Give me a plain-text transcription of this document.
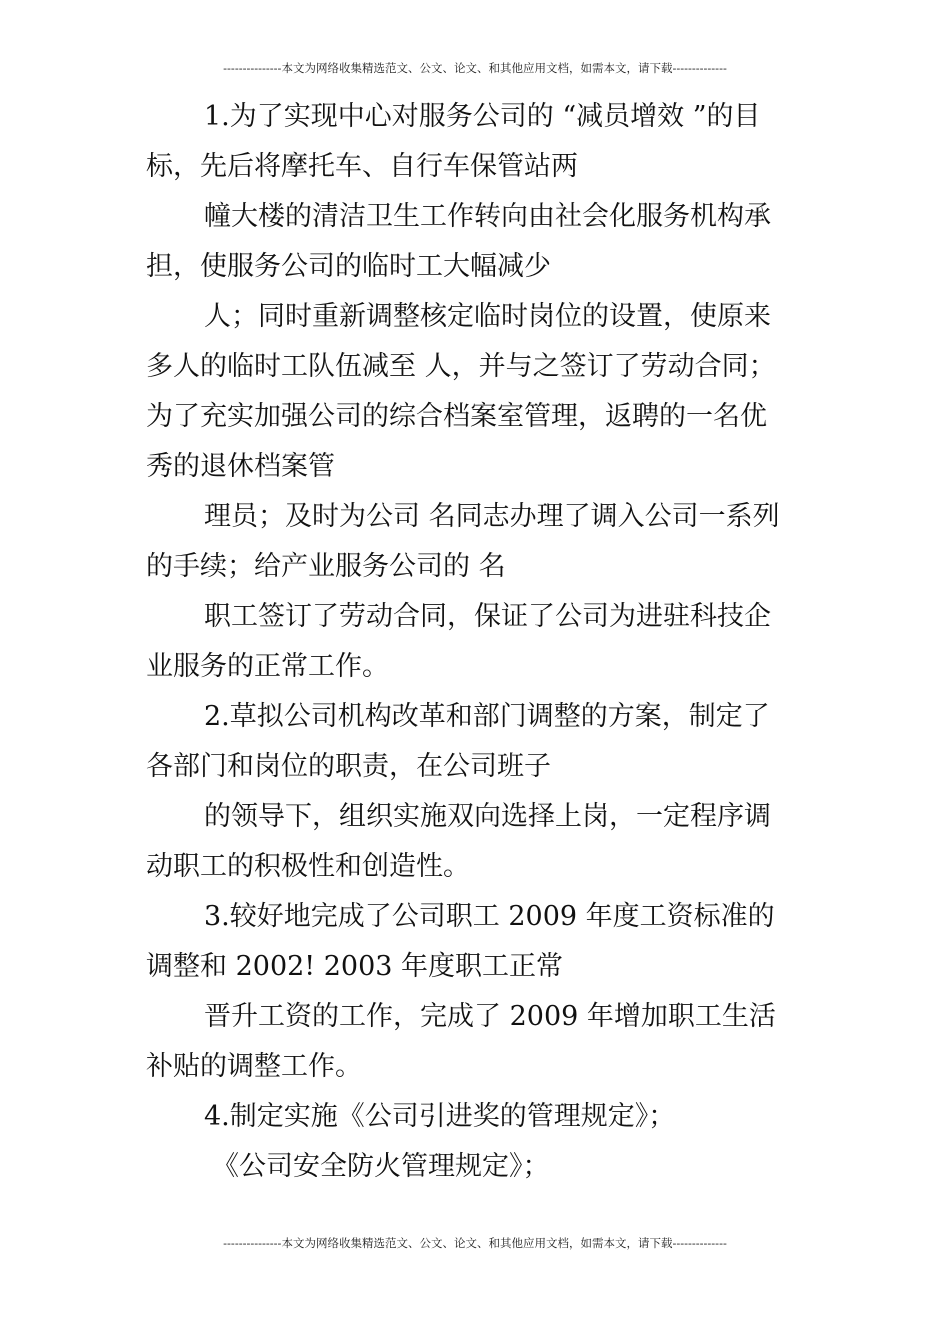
---------------本文为网络收集精选范文、公文、论文、和其他应用文档，如需本文，请下载--------------
1.为了实现中心对服务公司的 “减员增效 ”的目
标，先后将摩托车、自行车保管站两
幢大楼的清洁卫生工作转向由社会化服务机构承
担，使服务公司的临时工大幅减少
人；同时重新调整核定临时岗位的设置，使原来
多人的临时工队伍减至 人，并与之签订了劳动合同；
为了充实加强公司的综合档案室管理，返聘的一名优
秀的退休档案管
理员；及时为公司 名同志办理了调入公司一系列
的手续；给产业服务公司的 名
职工签订了劳动合同，保证了公司为进驻科技企
业服务的正常工作。
2.草拟公司机构改革和部门调整的方案，制定了
各部门和岗位的职责，在公司班子
的领导下，组织实施双向选择上岗，一定程序调
动职工的积极性和创造性。
3.较好地完成了公司职工 2009 年度工资标准的
调整和 2002! 2003 年度职工正常
晋升工资的工作，完成了 2009 年增加职工生活
补贴的调整工作。
4.制定实施《公司引进奖的管理规定》；
《公司安全防火管理规定》；
---------------本文为网络收集精选范文、公文、论文、和其他应用文档，如需本文，请下载--------------
